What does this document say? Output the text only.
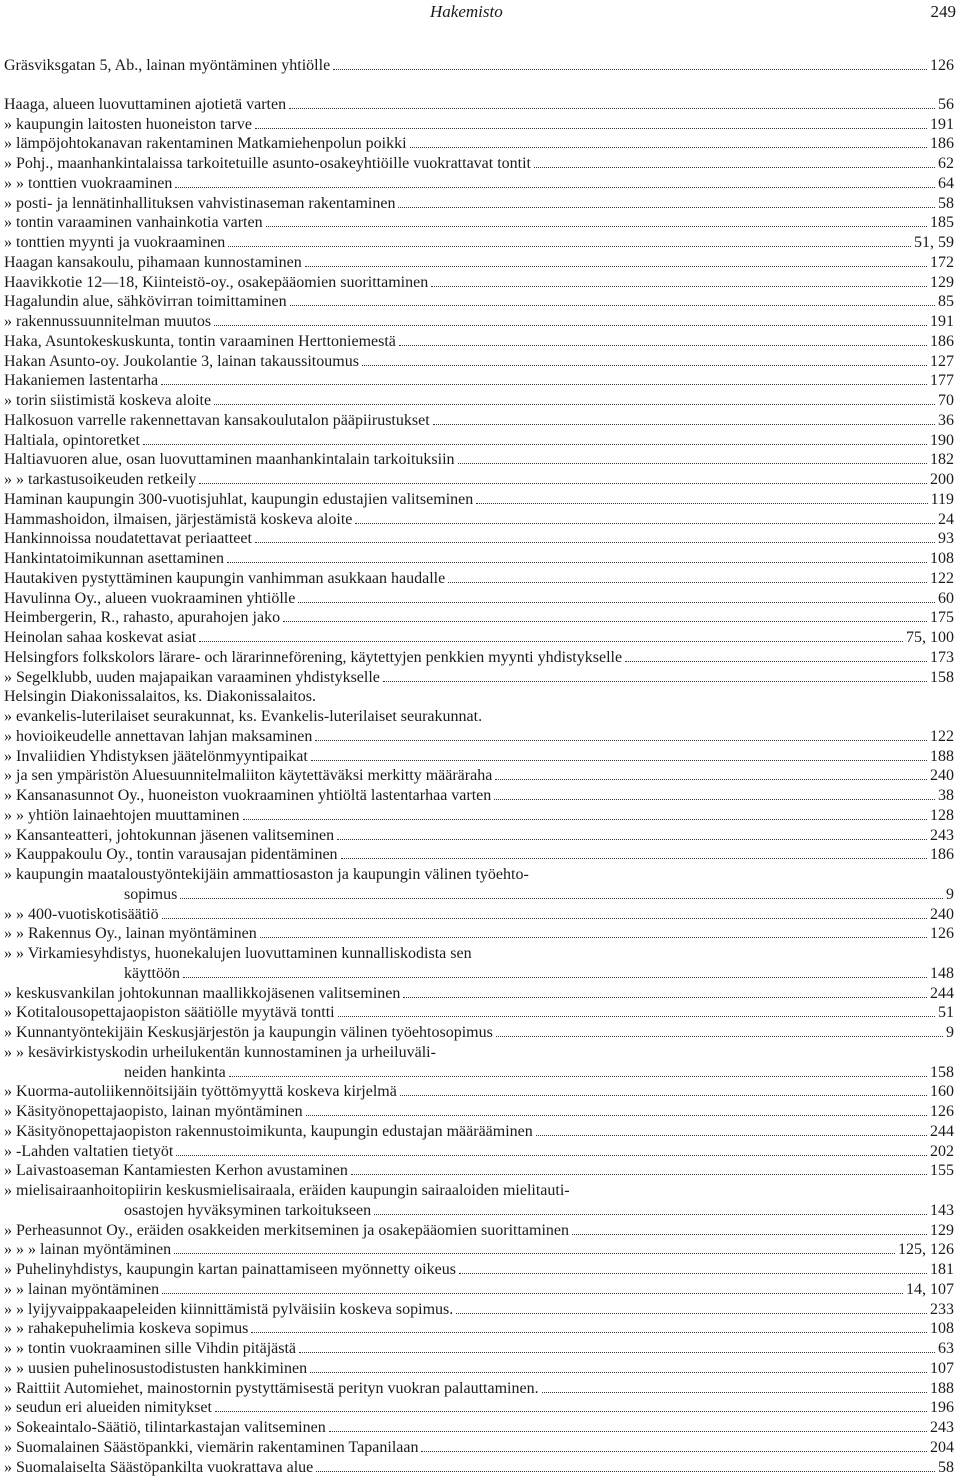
Hakemisto	249
Gräsviksgatan 5, Ab., lainan myöntäminen yhtiölle	126
Haaga, alueen luovuttaminen ajotietä varten	56
» kaupungin laitosten huoneiston tarve	191
» lämpöjohtokanavan rakentaminen Matkamiehenpolun poikki	186
» Pohj., maanhankintalaissa tarkoitetuille asunto-osakeyhtiöille vuokrattavat tontit	62
» » tonttien vuokraaminen	64
» posti- ja lennätinhallituksen vahvistinaseman rakentaminen	58
» tontin varaaminen vanhainkotia varten	185
» tonttien myynti ja vuokraaminen	51, 59
Haagan kansakoulu, pihamaan kunnostaminen	172
Haavikkotie 12—18, Kiinteistö-oy., osakepääomien suorittaminen	129
Hagalundin alue, sähkövirran toimittaminen	85
» rakennussuunnitelman muutos	191
Haka, Asuntokeskuskunta, tontin varaaminen Herttoniemestä	186
Hakan Asunto-oy. Joukolantie 3, lainan takaussitoumus	127
Hakaniemen lastentarha	177
» torin siistimistä koskeva aloite	70
Halkosuon varrelle rakennettavan kansakoulutalon pääpiirustukset	36
Haltiala, opintoretket	190
Haltiavuoren alue, osan luovuttaminen maanhankintalain tarkoituksiin	182
» » tarkastusoikeuden retkeily	200
Haminan kaupungin 300-vuotisjuhlat, kaupungin edustajien valitseminen	119
Hammashoidon, ilmaisen, järjestämistä koskeva aloite	24
Hankinnoissa noudatettavat periaatteet	93
Hankintatoimikunnan asettaminen	108
Hautakiven pystyttäminen kaupungin vanhimman asukkaan haudalle	122
Havulinna Oy., alueen vuokraaminen yhtiölle	60
Heimbergerin, R., rahasto, apurahojen jako	175
Heinolan sahaa koskevat asiat	75, 100
Helsingfors folkskolors lärare- och lärarinneförening, käytettyjen penkkien myynti yhdistykselle	173
» Segelklubb, uuden majapaikan varaaminen yhdistykselle	158
Helsingin Diakonissalaitos, ks. Diakonissalaitos.
» evankelis-luterilaiset seurakunnat, ks. Evankelis-luterilaiset seurakunnat.
» hovioikeudelle annettavan lahjan maksaminen	122
» Invaliidien Yhdistyksen jäätelönmyyntipaikat	188
» ja sen ympäristön Aluesuunnitelmaliiton käytettäväksi merkitty määräraha	240
» Kansanasunnot Oy., huoneiston vuokraaminen yhtiöltä lastentarhaa varten	38
» » yhtiön lainaehtojen muuttaminen	128
» Kansanteatteri, johtokunnan jäsenen valitseminen	243
» Kauppakoulu Oy., tontin varausajan pidentäminen	186
» kaupungin maataloustyöntekijäin ammattiosaston ja kaupungin välinen työehto-
sopimus	9
» » 400-vuotiskotisäätiö	240
» » Rakennus Oy., lainan myöntäminen	126
» » Virkamiesyhdistys, huonekalujen luovuttaminen kunnalliskodista sen
käyttöön	148
» keskusvankilan johtokunnan maallikkojäsenen valitseminen	244
» Kotitalousopettajaopiston säätiölle myytävä tontti	51
» Kunnantyöntekijäin Keskusjärjestön ja kaupungin välinen työehtosopimus	9
» » kesävirkistyskodin urheilukentän kunnostaminen ja urheiluväli-
neiden hankinta	158
» Kuorma-autoliikennöitsijäin työttömyyttä koskeva kirjelmä	160
» Käsityönopettajaopisto, lainan myöntäminen	126
» Käsityönopettajaopiston rakennustoimikunta, kaupungin edustajan määrääminen	244
» -Lahden valtatien tietyöt	202
» Laivastoaseman Kantamiesten Kerhon avustaminen	155
» mielisairaanhoitopiirin keskusmielisairaala, eräiden kaupungin sairaaloiden mielitauti-
osastojen hyväksyminen tarkoitukseen	143
» Perheasunnot Oy., eräiden osakkeiden merkitseminen ja osakepääomien suorittaminen	129
» » » lainan myöntäminen	125, 126
» Puhelinyhdistys, kaupungin kartan painattamiseen myönnetty oikeus	181
» » lainan myöntäminen	14, 107
» » lyijyvaippakaapeleiden kiinnittämistä pylväisiin koskeva sopimus.	233
» » rahakepuhelimia koskeva sopimus	108
» » tontin vuokraaminen sille Vihdin pitäjästä	63
» » uusien puhelinosustodistusten hankkiminen	107
» Raittiit Automiehet, mainostornin pystyttämisestä perityn vuokran palauttaminen.	188
» seudun eri alueiden nimitykset	196
» Sokeaintalo-Säätiö, tilintarkastajan valitseminen	243
» Suomalainen Säästöpankki, viemärin rakentaminen Tapanilaan	204
» Suomalaiselta Säästöpankilta vuokrattava alue	58
